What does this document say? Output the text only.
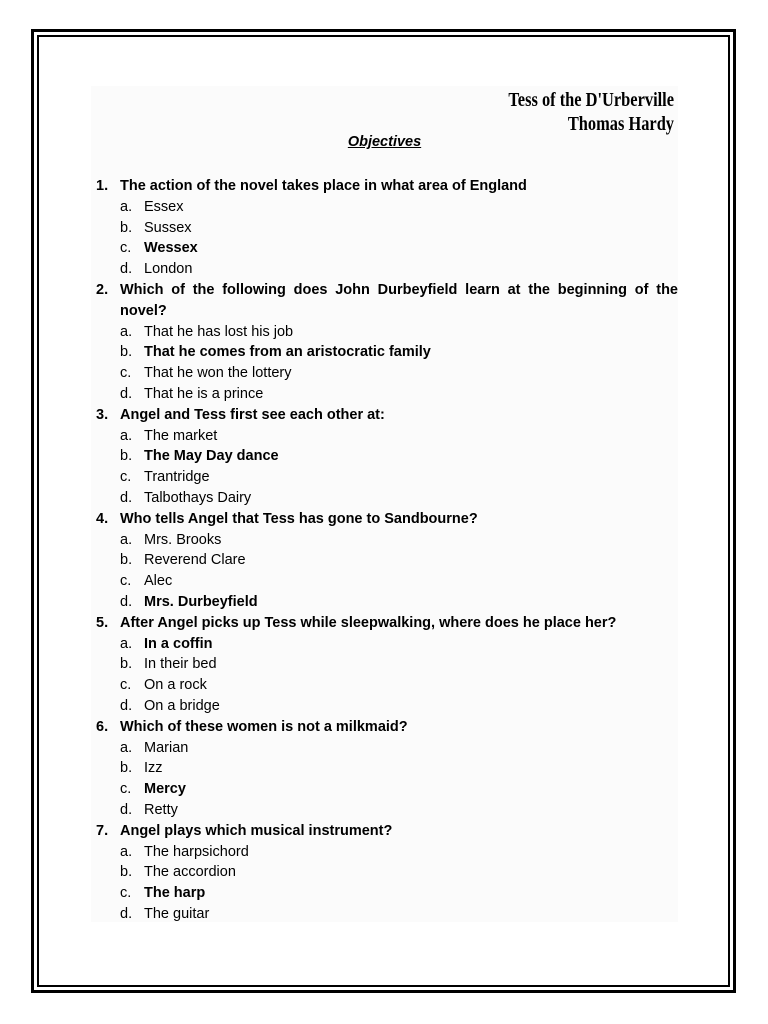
Tess of the D'Urberville
Thomas Hardy
Objectives
1. The action of the novel takes place in what area of England
a. Essex
b. Sussex
c. Wessex
d. London
2. Which of the following does John Durbeyfield learn at the beginning of the novel?
a. That he has lost his job
b. That he comes from an aristocratic family
c. That he won the lottery
d. That he is a prince
3. Angel and Tess first see each other at:
a. The market
b. The May Day dance
c. Trantridge
d. Talbothays Dairy
4. Who tells Angel that Tess has gone to Sandbourne?
a. Mrs. Brooks
b. Reverend Clare
c. Alec
d. Mrs. Durbeyfield
5. After Angel picks up Tess while sleepwalking, where does he place her?
a. In a coffin
b. In their bed
c. On a rock
d. On a bridge
6. Which of these women is not a milkmaid?
a. Marian
b. Izz
c. Mercy
d. Retty
7. Angel plays which musical instrument?
a. The harpsichord
b. The accordion
c. The harp
d. The guitar
